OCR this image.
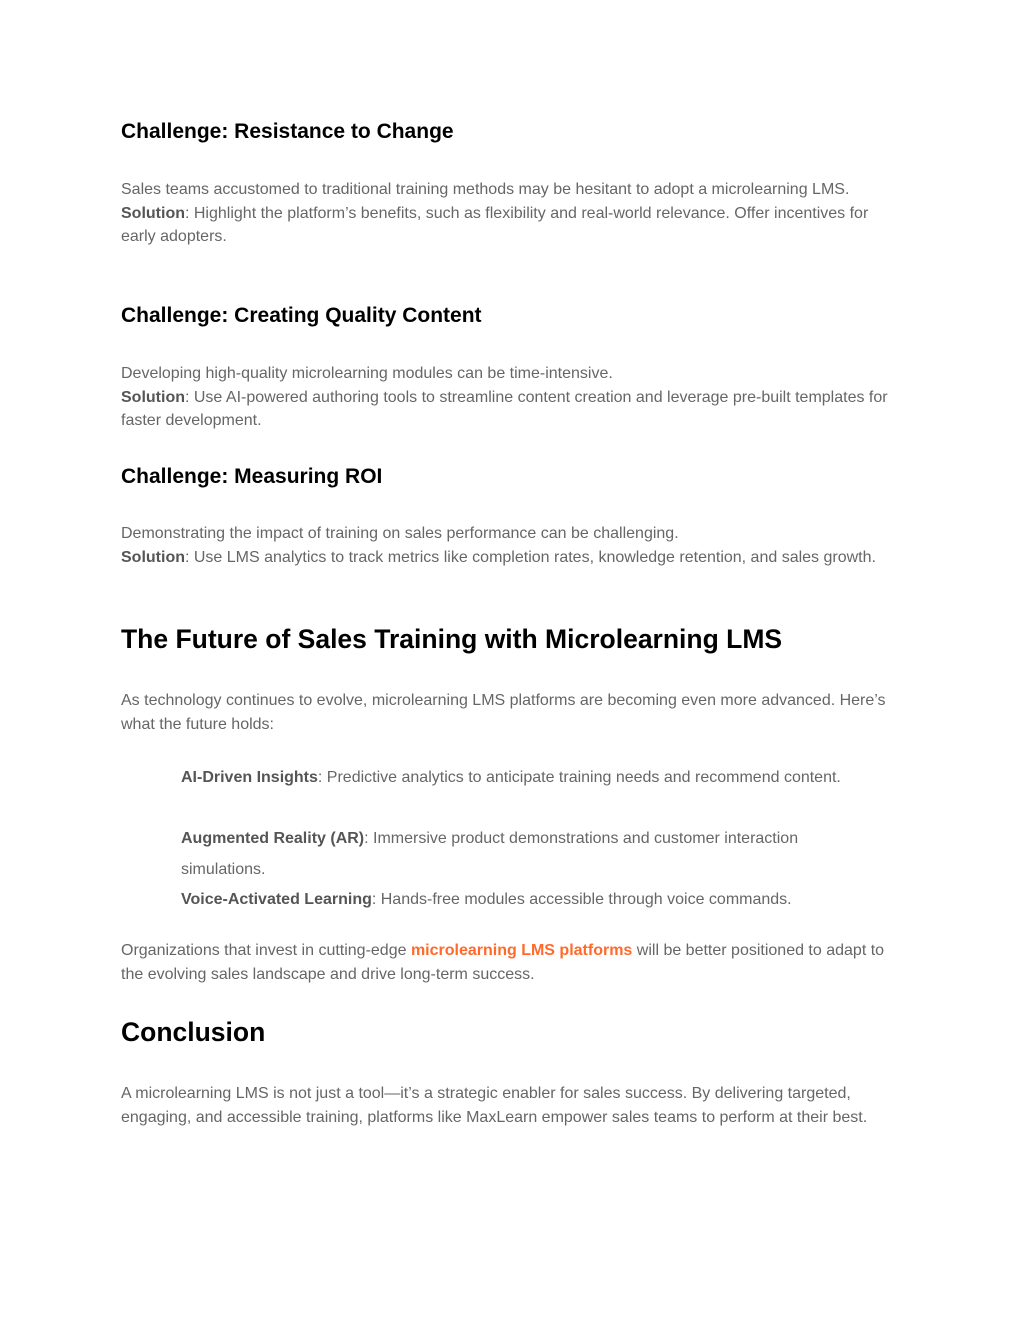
Challenge: Resistance to Change

Sales teams accustomed to traditional training methods may be hesitant to adopt a microlearning LMS.
Solution: Highlight the platform’s benefits, such as flexibility and real-world relevance. Offer incentives for early adopters.

Challenge: Creating Quality Content

Developing high-quality microlearning modules can be time-intensive.
Solution: Use AI-powered authoring tools to streamline content creation and leverage pre-built templates for faster development.

Challenge: Measuring ROI

Demonstrating the impact of training on sales performance can be challenging.
Solution: Use LMS analytics to track metrics like completion rates, knowledge retention, and sales growth.

The Future of Sales Training with Microlearning LMS

As technology continues to evolve, microlearning LMS platforms are becoming even more advanced. Here’s what the future holds:

AI-Driven Insights: Predictive analytics to anticipate training needs and recommend content.

Augmented Reality (AR): Immersive product demonstrations and customer interaction simulations.

Voice-Activated Learning: Hands-free modules accessible through voice commands.

Organizations that invest in cutting-edge microlearning LMS platforms will be better positioned to adapt to the evolving sales landscape and drive long-term success.

Conclusion

A microlearning LMS is not just a tool—it’s a strategic enabler for sales success. By delivering targeted, engaging, and accessible training, platforms like MaxLearn empower sales teams to perform at their best.
